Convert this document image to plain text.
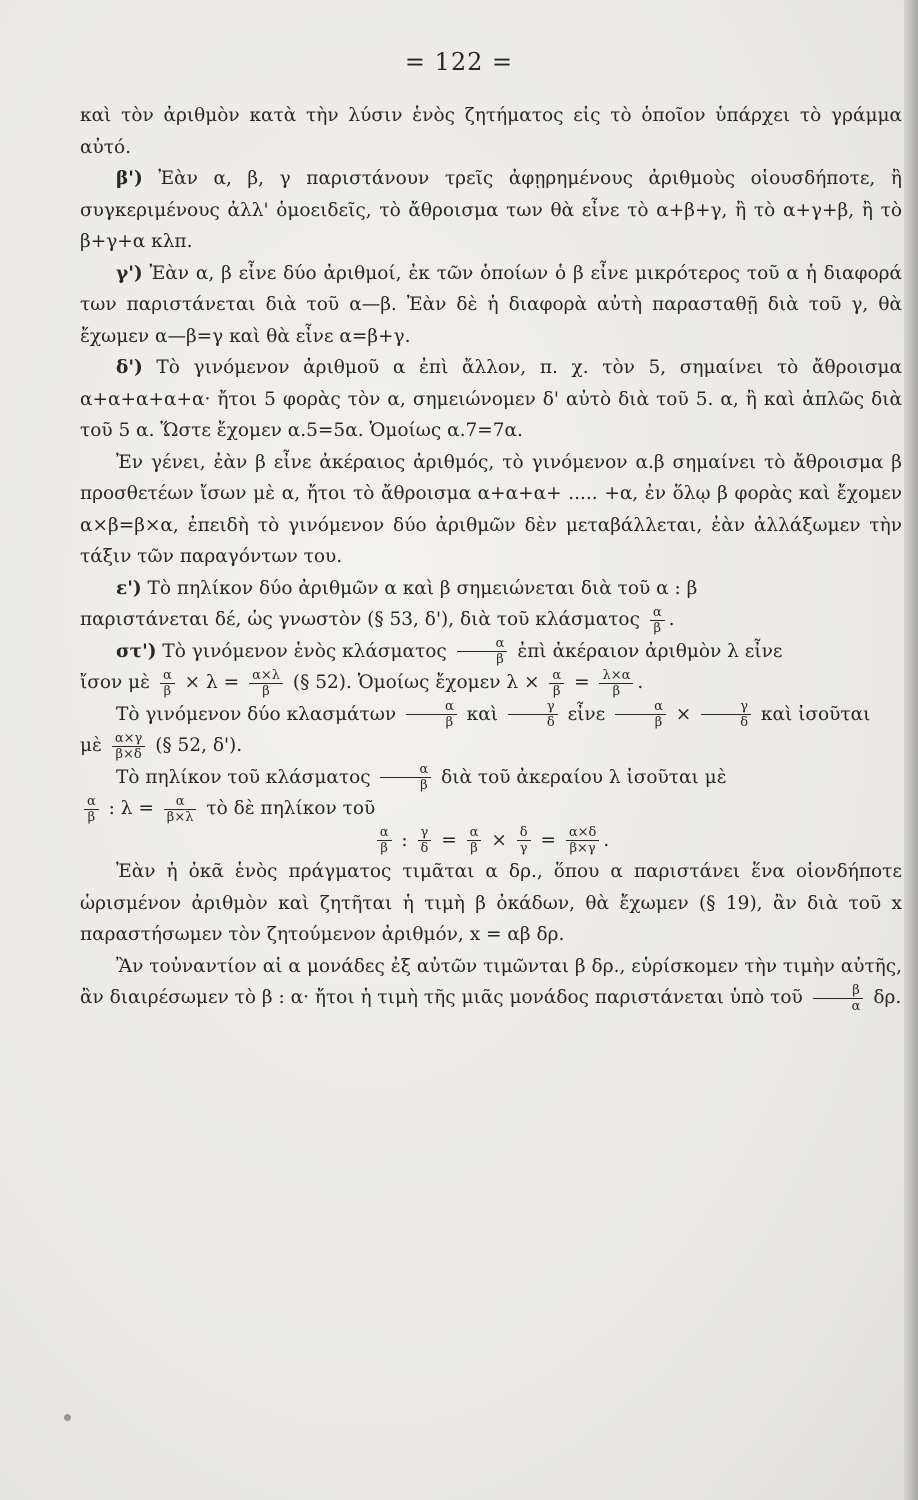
= 122 =

καὶ τὸν ἀριθμὸν κατὰ τὴν λύσιν ἑνὸς ζητήματος εἰς τὸ ὁποῖον ὑπάρχει τὸ γράμμα αὐτό.

β') Ἐὰν α, β, γ παριστάνουν τρεῖς ἀφῃρημένους ἀριθμοὺς οἱουσδήποτε, ἢ συγκεριμένους ἀλλ' ὁμοειδεῖς, τὸ ἄθροισμα των θὰ εἶνε τὸ α+β+γ, ἢ τὸ α+γ+β, ἢ τὸ β+γ+α κλπ.

γ') Ἐὰν α, β εἶνε δύο ἀριθμοί, ἐκ τῶν ὁποίων ὁ β εἶνε μικρότερος τοῦ α ἡ διαφορά των παριστάνεται διὰ τοῦ α—β. Ἐὰν δὲ ἡ διαφορὰ αὐτὴ παρασταθῇ διὰ τοῦ γ, θὰ ἔχωμεν α—β=γ καὶ θὰ εἶνε α=β+γ.

δ') Τὸ γινόμενον ἀριθμοῦ α ἐπὶ ἄλλον, π. χ. τὸν 5, σημαίνει τὸ ἄθροισμα α+α+α+α+α· ἤτοι 5 φορὰς τὸν α, σημειώνομεν δ' αὐτὸ διὰ τοῦ 5. α, ἢ καὶ ἁπλῶς διὰ τοῦ 5 α. Ὥστε ἔχομεν α.5=5α. Ὁμοίως α.7=7α.

Ἐν γένει, ἐὰν β εἶνε ἀκέραιος ἀριθμός, τὸ γινόμενον α.β σημαίνει τὸ ἄθροισμα β προσθετέων ἴσων μὲ α, ἤτοι τὸ ἄθροισμα α+α+α+ ..... +α, ἐν ὅλῳ β φορὰς καὶ ἔχομεν α×β=β×α, ἐπειδὴ τὸ γινόμενον δύο ἀριθμῶν δὲν μεταβάλλεται, ἐὰν ἀλλάξωμεν τὴν τάξιν τῶν παραγόντων του.

ε') Τὸ πηλίκον δύο ἀριθμῶν α καὶ β σημειώνεται διὰ τοῦ α : β

παριστάνεται δέ, ὡς γνωστὸν (§ 53, δ'), διὰ τοῦ κλάσματος $\frac{\alpha}{\beta}$ .

στ') Τὸ γινόμενον ἑνὸς κλάσματος $\frac{\alpha}{\beta}$ ἐπὶ ἀκέραιον ἀριθμὸν λ εἶνε

ἴσον μὲ $\frac{\alpha}{\beta} \times \lambda = \frac{\alpha\times\lambda}{\beta}$ (§ 52). Ὁμοίως ἔχομεν $\lambda \times \frac{\alpha}{\beta} = \frac{\lambda\times\alpha}{\beta}$ .

Τὸ γινόμενον δύο κλασμάτων $\frac{\alpha}{\beta}$ καὶ $\frac{\gamma}{\delta}$ εἶνε $\frac{\alpha}{\beta} \times \frac{\gamma}{\delta}$ καὶ ἰσοῦται

μὲ $\frac{\alpha\times\gamma}{\beta\times\delta}$ (§ 52, δ').

Τὸ πηλίκον τοῦ κλάσματος $\frac{\alpha}{\beta}$ διὰ τοῦ ἀκεραίου λ ἰσοῦται μὲ

$\frac{\alpha}{\beta}$ : $\lambda = \frac{\alpha}{\beta\times\lambda}$ τὸ δὲ πηλίκον τοῦ

$\frac{\alpha}{\beta}$ : $\frac{\gamma}{\delta} = \frac{\alpha}{\beta} \times \frac{\delta}{\gamma} = \frac{\alpha\times\delta}{\beta\times\gamma}$ .

Ἐὰν ἡ ὀκᾶ ἑνὸς πράγματος τιμᾶται α δρ., ὅπου α παριστάνει ἕνα οἱονδήποτε ὡρισμένον ἀριθμὸν καὶ ζητῆται ἡ τιμὴ β ὀκάδων, θὰ ἔχωμεν (§ 19), ἂν διὰ τοῦ x παραστήσωμεν τὸν ζητούμενον ἀριθμόν, x = αβ δρ.

Ἂν τοὐναντίον αἱ α μονάδες ἐξ αὐτῶν τιμῶνται β δρ., εὑρίσκομεν τὴν τιμὴν αὐτῆς, ἂν διαιρέσωμεν τὸ β : α· ἤτοι ἡ τιμὴ τῆς μιᾶς μονάδος παριστάνεται ὑπὸ τοῦ $\frac{\beta}{\alpha} \delta\rho$.
